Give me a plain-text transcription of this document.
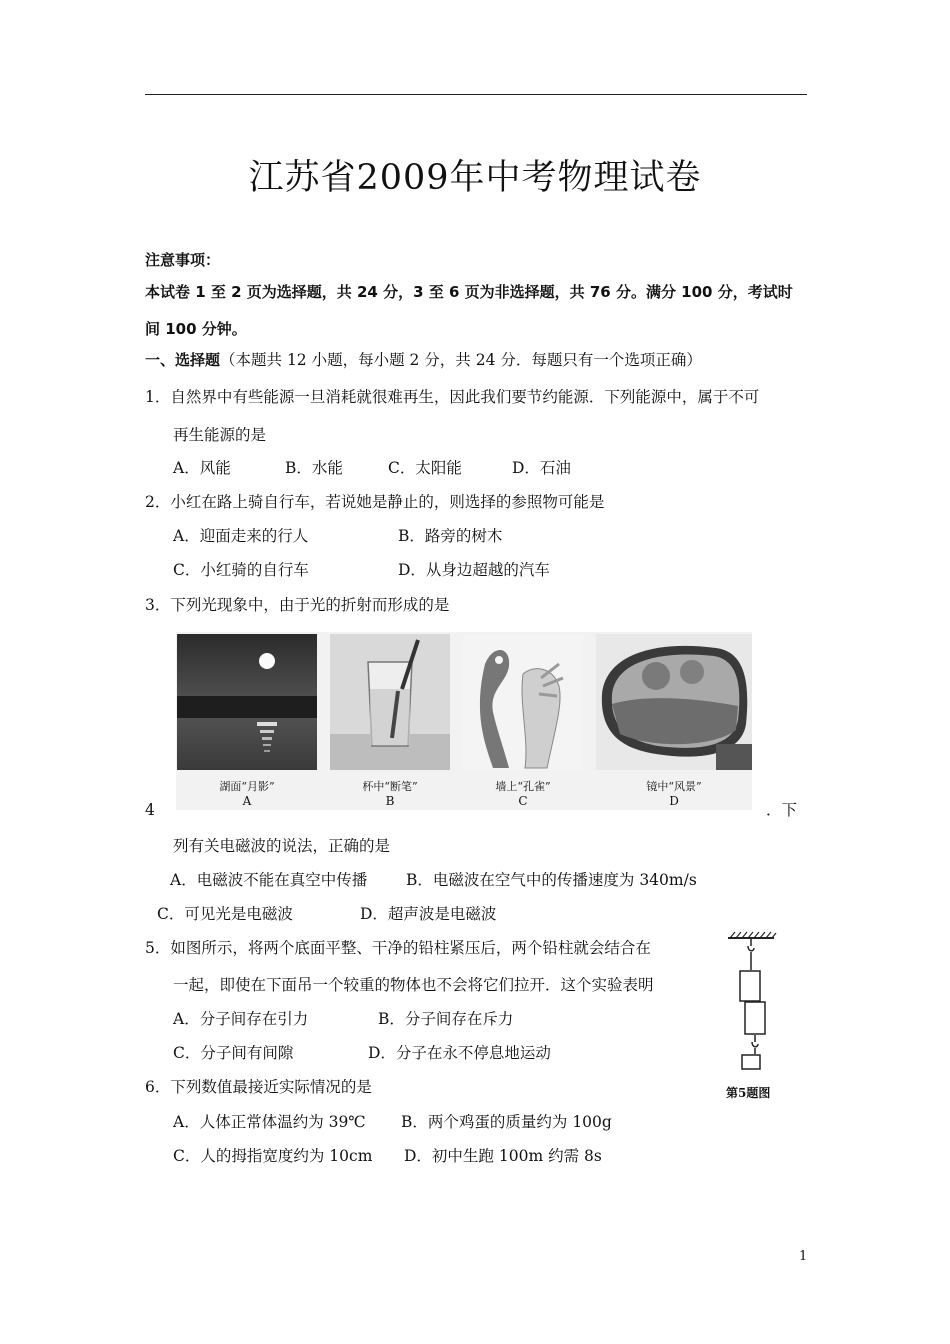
江苏省2009年中考物理试卷
注意事项：
本试卷 1 至 2 页为选择题，共 24 分，3 至 6 页为非选择题，共 76 分。满分 100 分，考试时
间 100 分钟。
一、选择题（本题共 12 小题，每小题 2 分，共 24 分．每题只有一个选项正确）
1．自然界中有些能源一旦消耗就很难再生，因此我们要节约能源．下列能源中，属于不可
再生能源的是
A．风能	B．水能	C．太阳能	D．石油
2．小红在路上骑自行车，若说她是静止的，则选择的参照物可能是
A．迎面走来的行人	B．路旁的树木
C．小红骑的自行车	D．从身边超越的汽车
3．下列光现象中，由于光的折射而形成的是
湖面“月影”
A
杯中“断笔”
B
墙上“孔雀”
C
镜中“风景”
D
4	．下
列有关电磁波的说法，正确的是
A．电磁波不能在真空中传播	B．电磁波在空气中的传播速度为 340m/s
C．可见光是电磁波	D．超声波是电磁波
5．如图所示，将两个底面平整、干净的铅柱紧压后，两个铅柱就会结合在
一起，即使在下面吊一个较重的物体也不会将它们拉开．这个实验表明
A．分子间存在引力	B．分子间存在斥力
C．分子间有间隙	D．分子在永不停息地运动
第5题图
6．下列数值最接近实际情况的是
A．人体正常体温约为 39℃ B．两个鸡蛋的质量约为 100g
C．人的拇指宽度约为 10cm D．初中生跑 100m 约需 8s
1
